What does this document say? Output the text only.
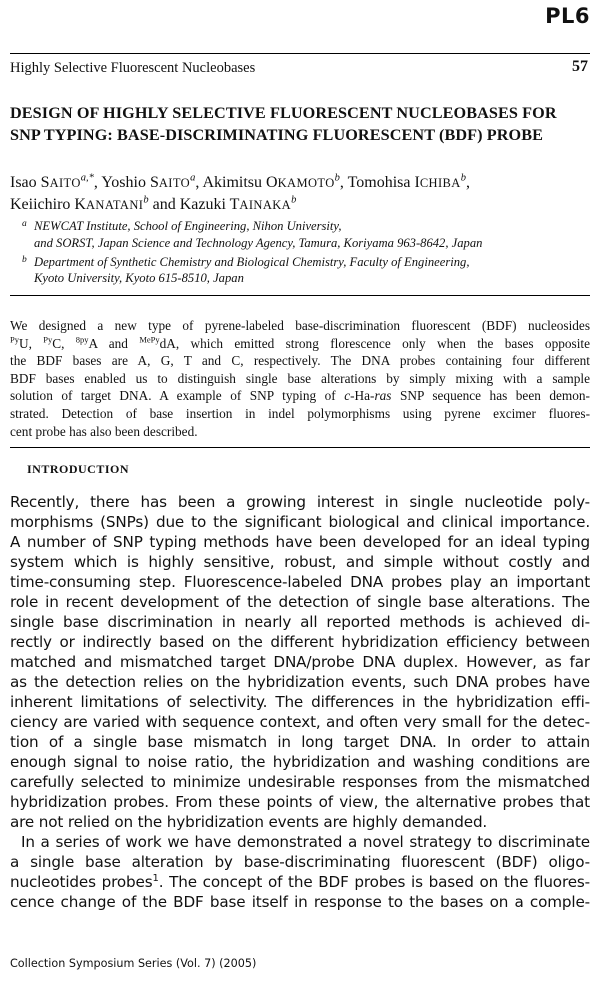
PL6
Highly Selective Fluorescent Nucleobases	57
DESIGN OF HIGHLY SELECTIVE FLUORESCENT NUCLEOBASES FOR
SNP TYPING: BASE-DISCRIMINATING FLUORESCENT (BDF) PROBE
Isao $SAITO^{a,*}$, Yoshio SAITO$^a$, Akimitsu OKAMOTO$^b$, Tomohisa ICHIBA$^b$,
Keiichiro KANATANI$^b$ and Kazuki TAINAKA$^b$
a NEWCAT Institute, School of Engineering, Nihon University,
and SORST, Japan Science and Technology Agency, Tamura, Koriyama 963-8642, Japan
b Department of Synthetic Chemistry and Biological Chemistry, Faculty of Engineering,
Kyoto University, Kyoto 615-8510, Japan
We designed a new type of pyrene-labeled base-discrimination fluorescent (BDF) nucleosides
$^{Py}$U, $^{Py}$C, $^{8py}$A and $^{MePy}$dA, which emitted strong florescence only when the bases opposite
the BDF bases are A, G, T and C, respectively. The DNA probes containing four different
BDF bases enabled us to distinguish single base alterations by simply mixing with a sample
solution of target DNA. A example of SNP typing of c-Ha-ras SNP sequence has been demon-
strated. Detection of base insertion in indel polymorphisms using pyrene excimer fluores-
cent probe has also been described.
INTRODUCTION
Recently, there has been a growing interest in single nucleotide poly-
morphisms (SNPs) due to the significant biological and clinical importance.
A number of SNP typing methods have been developed for an ideal typing
system which is highly sensitive, robust, and simple without costly and
time-consuming step. Fluorescence-labeled DNA probes play an important
role in recent development of the detection of single base alterations. The
single base discrimination in nearly all reported methods is achieved di-
rectly or indirectly based on the different hybridization efficiency between
matched and mismatched target DNA/probe DNA duplex. However, as far
as the detection relies on the hybridization events, such DNA probes have
inherent limitations of selectivity. The differences in the hybridization effi-
ciency are varied with sequence context, and often very small for the detec-
tion of a single base mismatch in long target DNA. In order to attain
enough signal to noise ratio, the hybridization and washing conditions are
carefully selected to minimize undesirable responses from the mismatched
hybridization probes. From these points of view, the alternative probes that
are not relied on the hybridization events are highly demanded.
In a series of work we have demonstrated a novel strategy to discriminate
a single base alteration by base-discriminating fluorescent (BDF) oligo-
nucleotides probes$^1$. The concept of the BDF probes is based on the fluores-
cence change of the BDF base itself in response to the bases on a comple-
Collection Symposium Series (Vol. 7) (2005)
